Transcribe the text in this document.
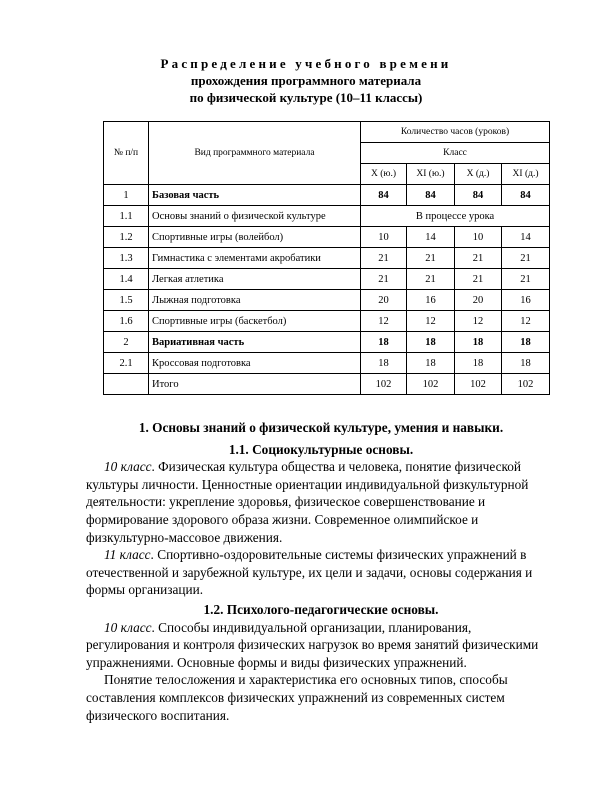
Распределение учебного времени
прохождения программного материала
по физической культуре (10–11 классы)
№ п/п	Вид программного материала	Количество часов (уроков)			
		Класс			
		X (ю.)	XI (ю.)	X (д.)	XI (д.)
1	Базовая часть	84	84	84	84
1.1	Основы знаний о физической культуре	В процессе урока			
1.2	Спортивные игры (волейбол)	10	14	10	14
1.3	Гимнастика с элементами акробатики	21	21	21	21
1.4	Легкая атлетика	21	21	21	21
1.5	Лыжная подготовка	20	16	20	16
1.6	Спортивные игры (баскетбол)	12	12	12	12
2	Вариативная часть	18	18	18	18
2.1	Кроссовая подготовка	18	18	18	18
	Итого	102	102	102	102

1. Основы знаний о физической культуре, умения и навыки.

1.1. Социокультурные основы.

10 класс. Физическая культура общества и человека, понятие физической культуры личности. Ценностные ориентации индивидуальной физкультурной деятельности: укрепление здоровья, физическое совершенствование и формирование здорового образа жизни. Современное олимпийское и физкультурно-массовое движения.

11 класс. Спортивно-оздоровительные системы физических упражнений в отечественной и зарубежной культуре, их цели и задачи, основы содержания и формы организации.

1.2. Психолого-педагогические основы.

10 класс. Способы индивидуальной организации, планирования, регулирования и контроля физических нагрузок во время занятий физическими упражнениями. Основные формы и виды физических упражнений.

Понятие телосложения и характеристика его основных типов, способы составления комплексов физических упражнений из современных систем физического воспитания.
